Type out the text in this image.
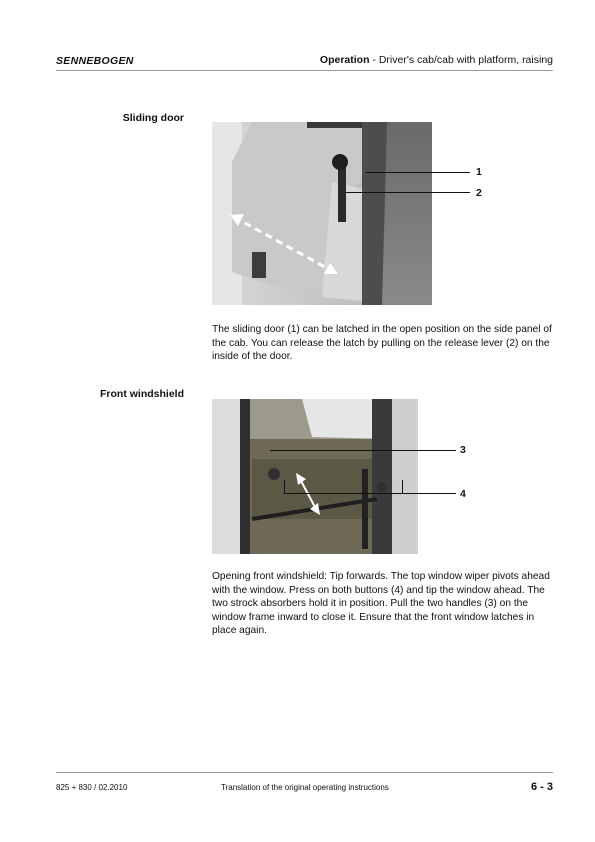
SENNEBOGEN	Operation - Driver's cab/cab with platform, raising
Sliding door
1
2
The sliding door (1) can be latched in the open position on the side panel of the cab. You can release the latch by pulling on the release lever (2) on the inside of the door.
Front windshield
3
4
Opening front windshield: Tip forwards. The top window wiper pivots ahead with the window. Press on both buttons (4) and tip the window ahead. The two strock absorbers hold it in position. Pull the two handles (3) on the window frame inward to close it. Ensure that the front window latches in place again.
825 + 830 / 02.2010	Translation of the original operating instructions	6 - 3
